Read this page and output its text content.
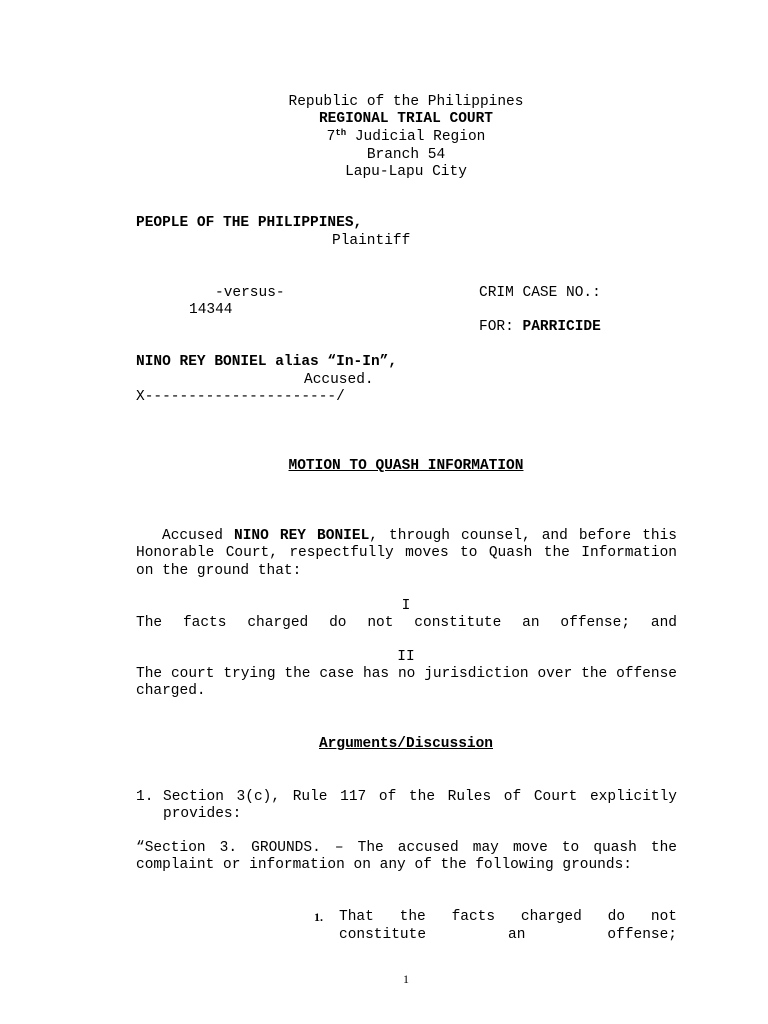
Republic of the Philippines
REGIONAL TRIAL COURT
7th Judicial Region
Branch 54
Lapu-Lapu City
PEOPLE OF THE PHILIPPINES,
Plaintiff
-versus-	CRIM CASE NO.:
14344
FOR: PARRICIDE
NINO REY BONIEL alias “In-In”,
Accused.
X----------------------/
MOTION TO QUASH INFORMATION

Accused NINO REY BONIEL, through counsel, and before this Honorable Court, respectfully moves to Quash the Information on the ground that:

I
The facts charged do not constitute an offense; and
II
The court trying the case has no jurisdiction over the offense charged.
Arguments/Discussion
1. Section 3(c), Rule 117 of the Rules of Court explicitly provides:
“Section 3. GROUNDS. – The accused may move to quash the complaint or information on any of the following grounds:
1. That the facts charged do not
constitute an offense;
1
